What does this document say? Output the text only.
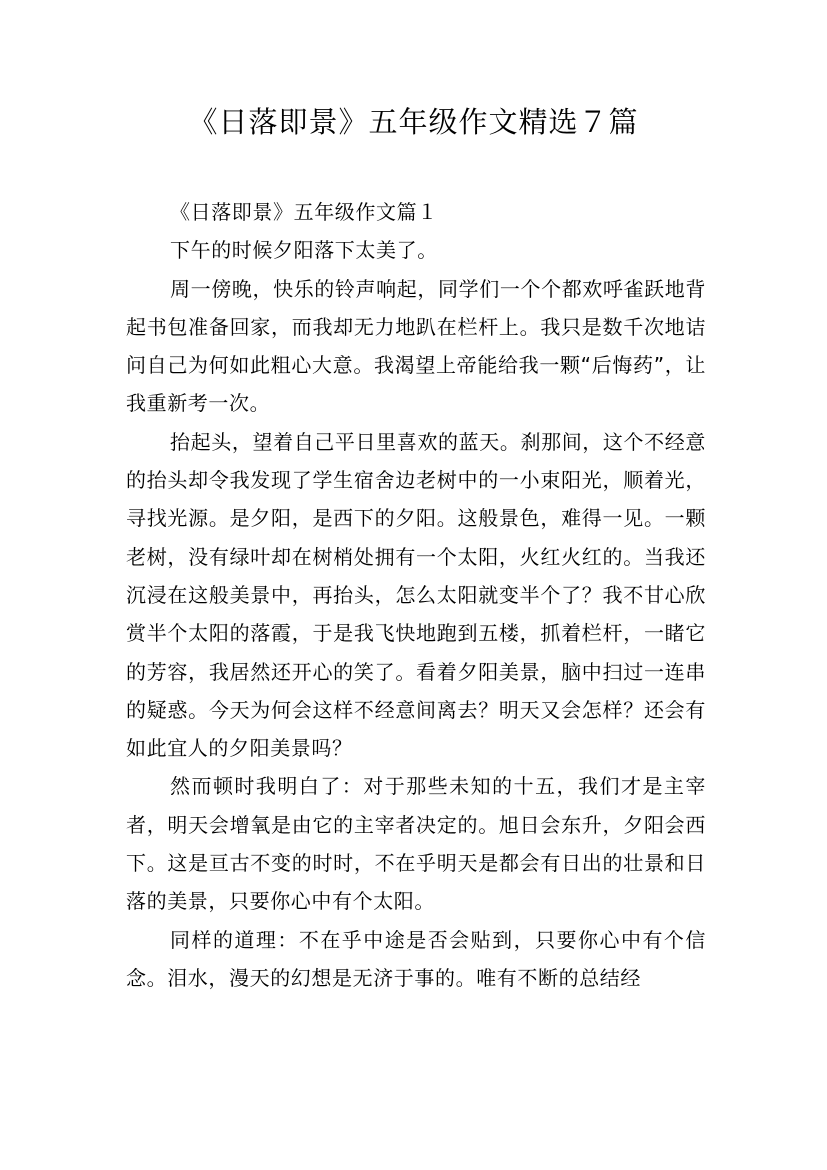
《日落即景》五年级作文精选７篇

《日落即景》五年级作文篇１

下午的时候夕阳落下太美了。

周一傍晚，快乐的铃声响起，同学们一个个都欢呼雀跃地背起书包准备回家，而我却无力地趴在栏杆上。我只是数千次地诘问自己为何如此粗心大意。我渴望上帝能给我一颗“后悔药”，让我重新考一次。

抬起头，望着自己平日里喜欢的蓝天。刹那间，这个不经意的抬头却令我发现了学生宿舍边老树中的一小束阳光，顺着光，寻找光源。是夕阳，是西下的夕阳。这般景色，难得一见。一颗老树，没有绿叶却在树梢处拥有一个太阳，火红火红的。当我还沉浸在这般美景中，再抬头，怎么太阳就变半个了？我不甘心欣赏半个太阳的落霞，于是我飞快地跑到五楼，抓着栏杆，一睹它的芳容，我居然还开心的笑了。看着夕阳美景，脑中扫过一连串的疑惑。今天为何会这样不经意间离去？明天又会怎样？还会有如此宜人的夕阳美景吗？

然而顿时我明白了：对于那些未知的十五，我们才是主宰者，明天会增氧是由它的主宰者决定的。旭日会东升，夕阳会西下。这是亘古不变的时时，不在乎明天是都会有日出的壮景和日落的美景，只要你心中有个太阳。

同样的道理：不在乎中途是否会贴到，只要你心中有个信念。泪水，漫天的幻想是无济于事的。唯有不断的总结经
